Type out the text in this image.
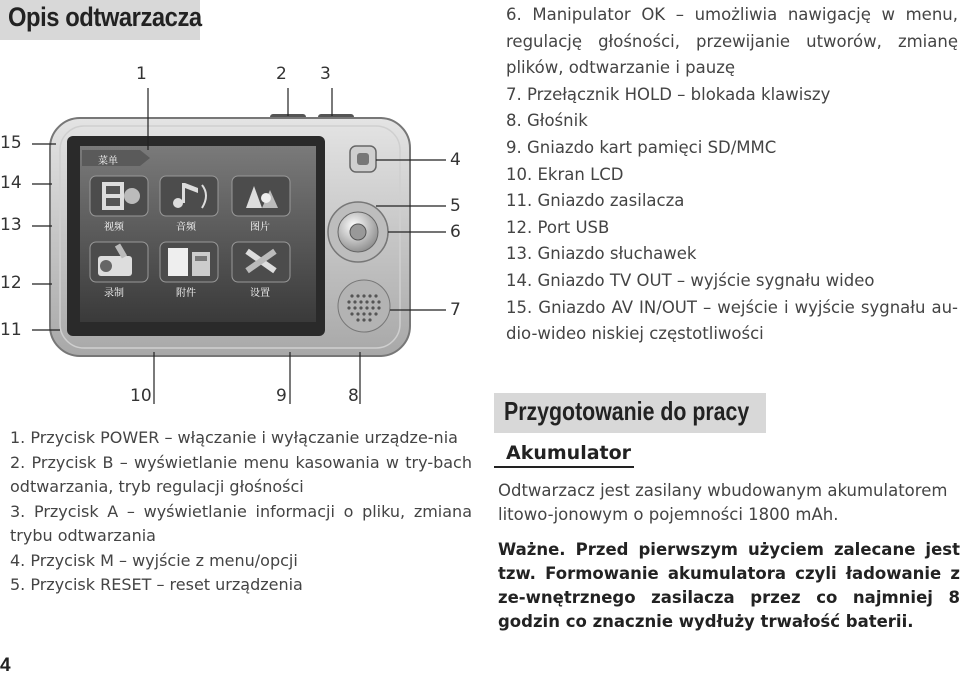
Opis odtwarzacza
菜单
视频	音频	图片
录制	附件	设置
1	2 3
4
5
6
7
8
9
10
11
12
13
14
15

1. Przycisk POWER – włączanie i wyłączanie urządze-nia

2. Przycisk B – wyświetlanie menu kasowania w try-bach odtwarzania, tryb regulacji głośności

3. Przycisk A – wyświetlanie informacji o pliku, zmiana trybu odtwarzania

4. Przycisk M – wyjście z menu/opcji

5. Przycisk RESET – reset urządzenia

6. Manipulator OK – umożliwia nawigację w menu, regulację głośności, przewijanie utworów, zmianę plików, odtwarzanie i pauzę

7. Przełącznik HOLD – blokada klawiszy

8. Głośnik

9. Gniazdo kart pamięci SD/MMC

10. Ekran LCD

11. Gniazdo zasilacza

12. Port USB

13. Gniazdo słuchawek

14. Gniazdo TV OUT – wyjście sygnału wideo

15. Gniazdo AV IN/OUT – wejście i wyjście sygnału au-dio-wideo niskiej częstotliwości

Przygotowanie do pracy
Akumulator
Odtwarzacz jest zasilany wbudowanym akumulatorem litowo-jonowym o pojemności 1800 mAh.
Ważne. Przed pierwszym użyciem zalecane jest tzw. Formowanie akumulatora czyli ładowanie z ze-wnętrznego zasilacza przez co najmniej 8 godzin co znacznie wydłuży trwałość baterii.
4
